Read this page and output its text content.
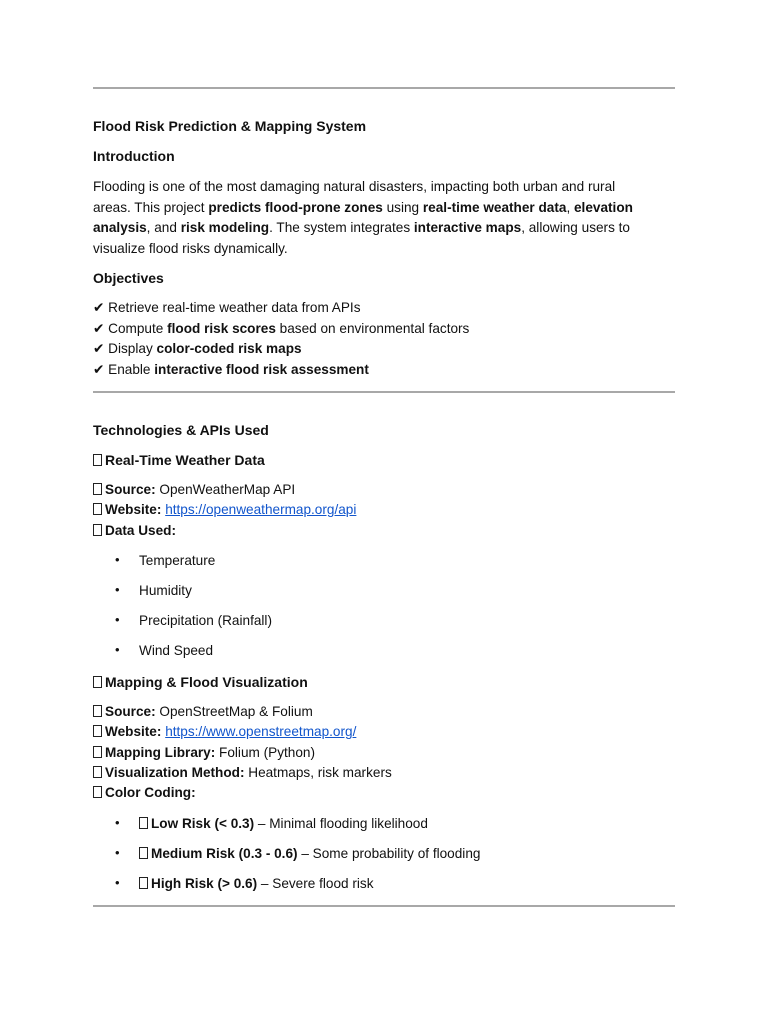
Flood Risk Prediction & Mapping System
Introduction
Flooding is one of the most damaging natural disasters, impacting both urban and rural areas. This project predicts flood-prone zones using real-time weather data, elevation analysis, and risk modeling. The system integrates interactive maps, allowing users to visualize flood risks dynamically.
Objectives
✔ Retrieve real-time weather data from APIs
✔ Compute flood risk scores based on environmental factors
✔ Display color-coded risk maps
✔ Enable interactive flood risk assessment
Technologies & APIs Used
Real-Time Weather Data
Source: OpenWeatherMap API
Website: https://openweathermap.org/api
Data Used:
• Temperature
• Humidity
• Precipitation (Rainfall)
• Wind Speed
Mapping & Flood Visualization
Source: OpenStreetMap & Folium
Website: https://www.openstreetmap.org/
Mapping Library: Folium (Python)
Visualization Method: Heatmaps, risk markers
Color Coding:
•	Low Risk (< 0.3) – Minimal flooding likelihood
•	Medium Risk (0.3 - 0.6) – Some probability of flooding
•	High Risk (> 0.6) – Severe flood risk
